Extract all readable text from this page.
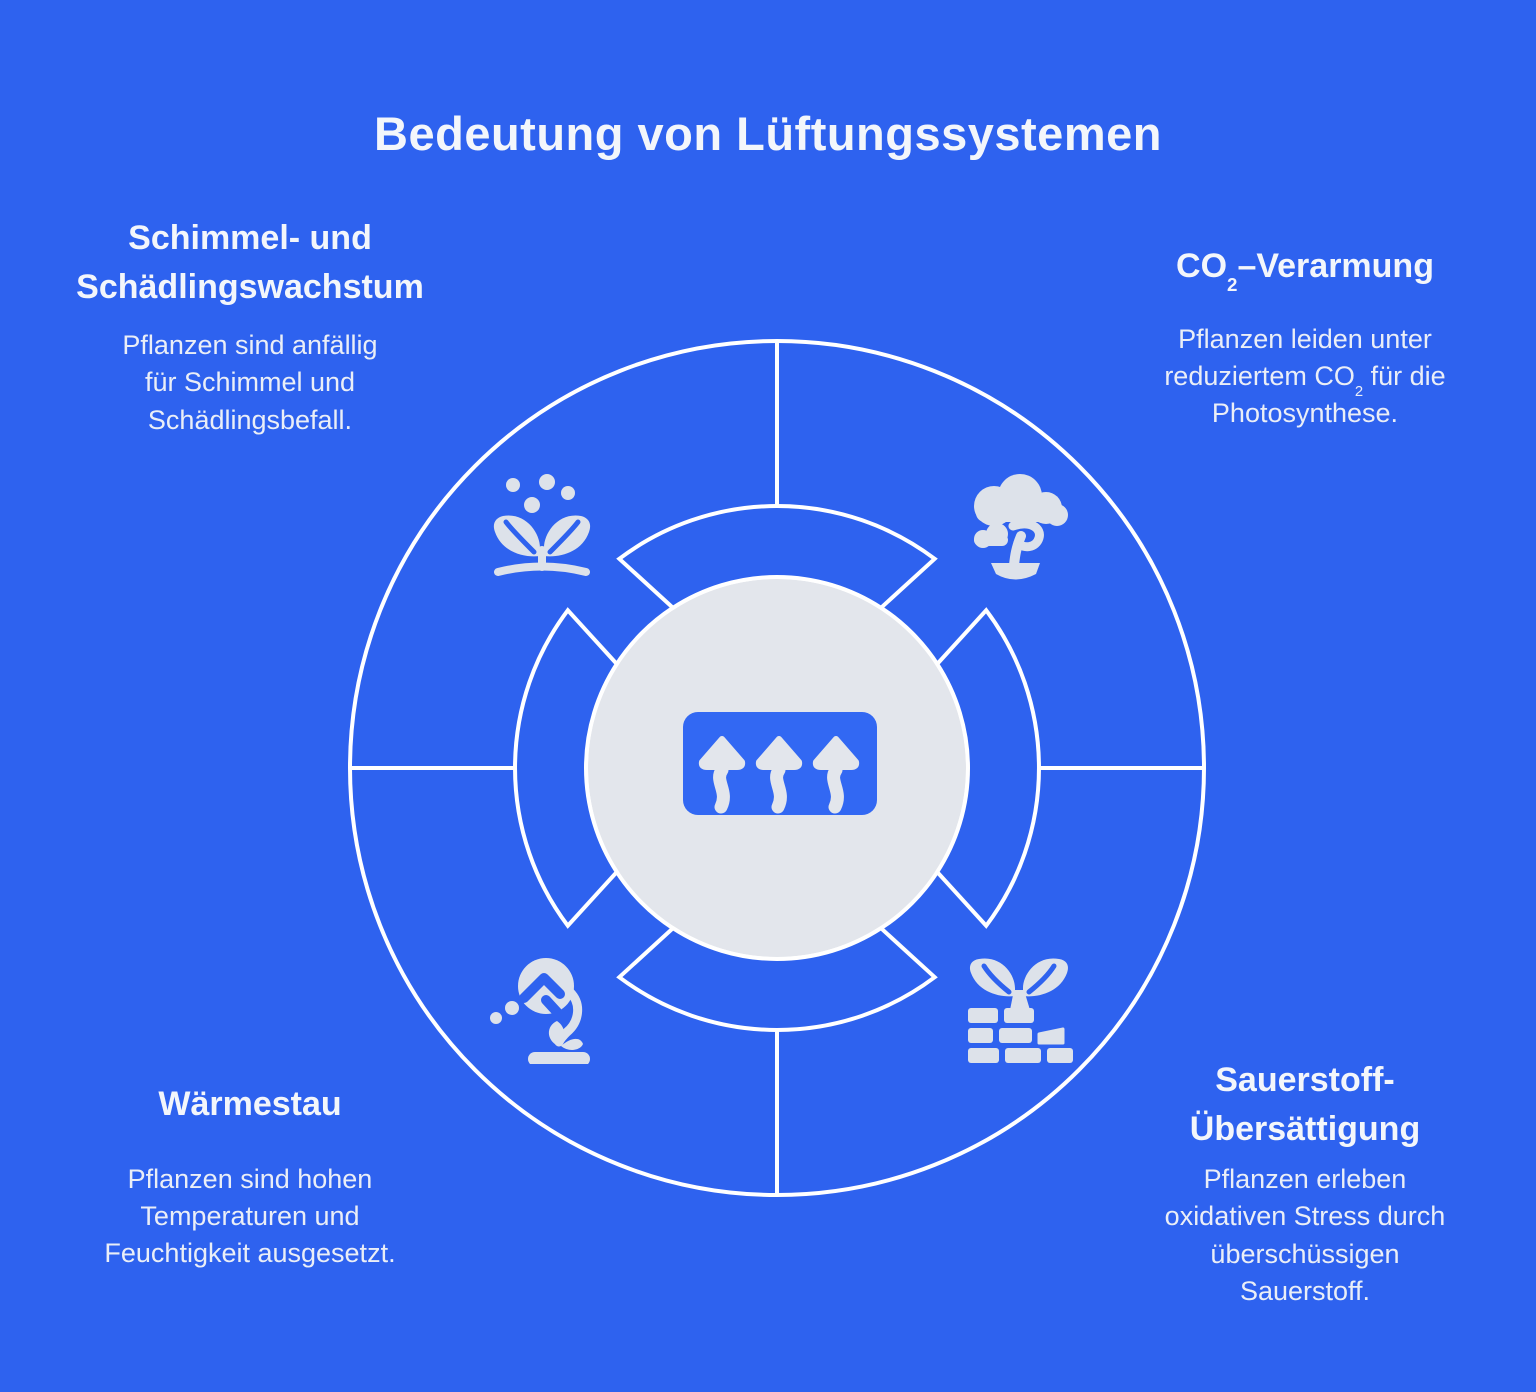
Bedeutung von Lüftungssystemen
Schimmel- und
Schädlingswachstum
Pflanzen sind anfällig
für Schimmel und
Schädlingsbefall.
$CO_2$–Verarmung
Pflanzen leiden unter
reduziertem $CO_2$ für die
Photosynthese.
Wärmestau
Pflanzen sind hohen
Temperaturen und
Feuchtigkeit ausgesetzt.
Sauerstoff-
Übersättigung
Pflanzen erleben
oxidativen Stress durch
überschüssigen
Sauerstoff.
